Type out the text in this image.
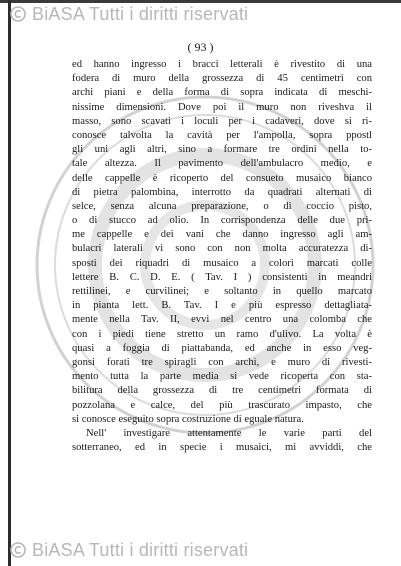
BiASA Tutti i diritti riservati
( 93 )
ed hanno ingresso i bracci letterali è rivestito di una
fodera di muro della grossezza di 45 centimetri con
archi piani e della forma di sopra indicata di meschi-
nissime dimensioni. Dove poi il muro non riveshva il
masso, sono scavati i loculi per i cadaveri, dove si ri-
conosce talvolta la cavità per l'ampolla, sopra ppostl
gli uni agli altri, sino a formare tre ordini nella to-
tale altezza. Il pavimento dell'ambulacro medio, e
delle cappelle è ricoperto del consueto musaico bianco
di pietra palombina, interrotto da quadrati alternati di
selce, senza alcuna preparazione, o di coccio pisto,
o di stucco ad olio. In corrispondenza delle due pri-
me cappelle e dei vani che danno ingresso agli am-
bulacri laterali vi sono con non molta accuratezza di-
sposti dei riquadri di musaico a colori marcati colle
lettere B. C. D. E. ( Tav. I ) consistenti in meandri
rettilinei, e curvilinei; e soltanto in quello marcato
in pianta lett. B. Tav. I e più espresso dettagliata-
mente nella Tav. II, evvi nel centro una colomba che
con i piedi tiene stretto un ramo d'ulivo. La volta è
quasi a foggia di piattabanda, ed anche in esso veg-
gonsi forati tre spiragli con archi, e muro di rivesti-
mento tutta la parte media si vede ricoperta con sta-
bilitura della grossezza di tre centimetri formata di
pozzolana e calce, del più trascurato impasto, che
si conosce eseguito sopra costruzione di eguale natura.
Nell' investigare attentamente le varie parti del
sotterraneo, ed in specie i musaici, mi avviddi, che
BiASA Tutti i diritti riservati
